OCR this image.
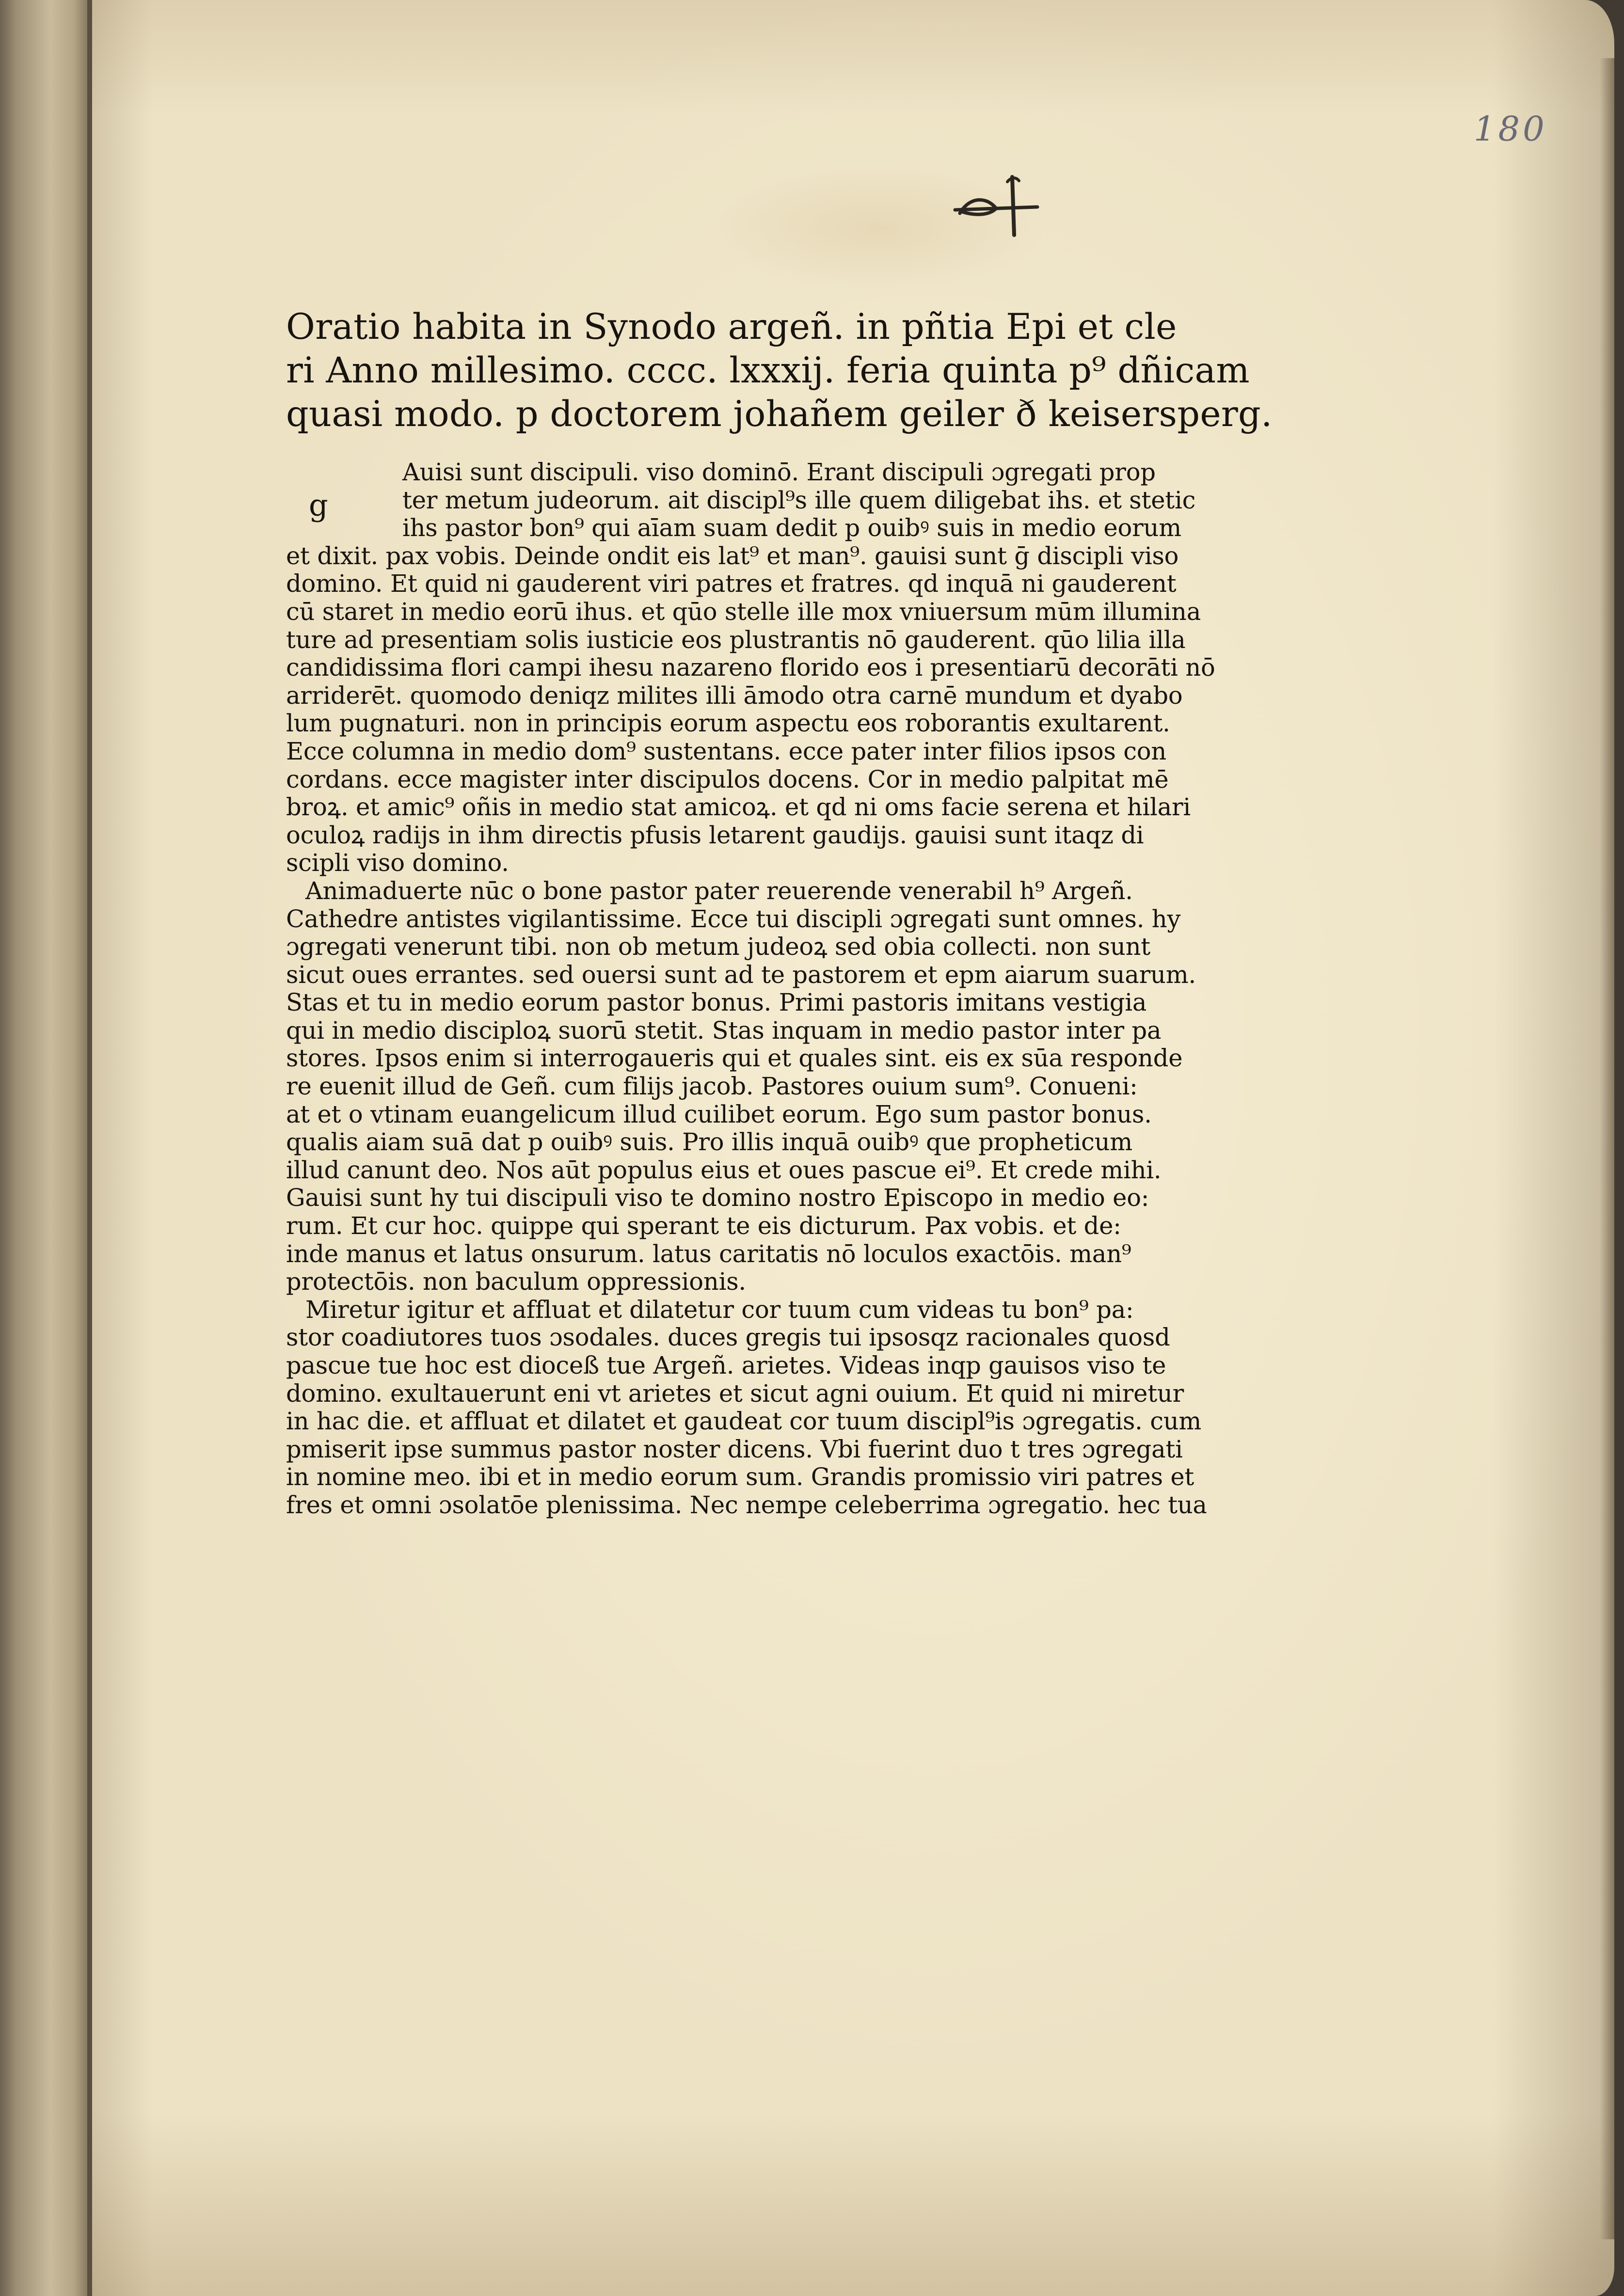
180
Oratio habita in Synodo argeñ. in pñtia Epi et cle
ri Anno millesimo. cccc. lxxxij. feria quinta p⁹ dñicam
quasi modo. p doctorem johañem geiler ð keisersperg.
g
Auisi sunt discipuli. viso dominō. Erant discipuli ɔgregati prop
ter metum judeorum. ait discipl⁹s ille quem diligebat ihs. et stetic
ihs pastor bon⁹ qui aīam suam dedit p ouibꝰ suis in medio eorum
et dixit. pax vobis. Deinde ondit eis lat⁹ et man⁹. gauisi sunt ḡ discipli viso
domino. Et quid ni gauderent viri patres et fratres. qd inquā ni gauderent
cū staret in medio eorū ihus. et qūo stelle ille mox vniuersum mūm illumina
ture ad presentiam solis iusticie eos plustrantis nō gauderent. qūo lilia illa
candidissima flori campi ihesu nazareno florido eos i presentiarū decorāti nō
arriderēt. quomodo deniqz milites illi āmodo otra carnē mundum et dyabo
lum pugnaturi. non in principis eorum aspectu eos roborantis exultarent.
Ecce columna in medio dom⁹ sustentans. ecce pater inter filios ipsos con
cordans. ecce magister inter discipulos docens. Cor in medio palpitat mē
broꝝ. et amic⁹ oñis in medio stat amicoꝝ. et qd ni oms facie serena et hilari
oculoꝝ radijs in ihm directis pfusis letarent gaudijs. gauisi sunt itaqz di
scipli viso domino.
Animaduerte nūc o bone pastor pater reuerende venerabil h⁹ Argeñ.
Cathedre antistes vigilantissime. Ecce tui discipli ɔgregati sunt omnes. hy
ɔgregati venerunt tibi. non ob metum judeoꝝ sed obia collecti. non sunt
sicut oues errantes. sed ouersi sunt ad te pastorem et epm aiarum suarum.
Stas et tu in medio eorum pastor bonus. Primi pastoris imitans vestigia
qui in medio disciploꝝ suorū stetit. Stas inquam in medio pastor inter pa
stores. Ipsos enim si interrogaueris qui et quales sint. eis ex sūa responde
re euenit illud de Geñ. cum filijs jacob. Pastores ouium sum⁹. Conueni:
at et o vtinam euangelicum illud cuilibet eorum. Ego sum pastor bonus.
qualis aiam suā dat p ouibꝰ suis. Pro illis inquā ouibꝰ que propheticum
illud canunt deo. Nos aūt populus eius et oues pascue ei⁹. Et crede mihi.
Gauisi sunt hy tui discipuli viso te domino nostro Episcopo in medio eo:
rum. Et cur hoc. quippe qui sperant te eis dicturum. Pax vobis. et de:
inde manus et latus onsurum. latus caritatis nō loculos exactōis. man⁹
protectōis. non baculum oppressionis.
Miretur igitur et affluat et dilatetur cor tuum cum videas tu bon⁹ pa:
stor coadiutores tuos ɔsodales. duces gregis tui ipsosqz racionales quosd
pascue tue hoc est dioceß tue Argeñ. arietes. Videas inqp gauisos viso te
domino. exultauerunt eni vt arietes et sicut agni ouium. Et quid ni miretur
in hac die. et affluat et dilatet et gaudeat cor tuum discipl⁹is ɔgregatis. cum
pmiserit ipse summus pastor noster dicens. Vbi fuerint duo t tres ɔgregati
in nomine meo. ibi et in medio eorum sum. Grandis promissio viri patres et
fres et omni ɔsolatōe plenissima. Nec nempe celeberrima ɔgregatio. hec tua
